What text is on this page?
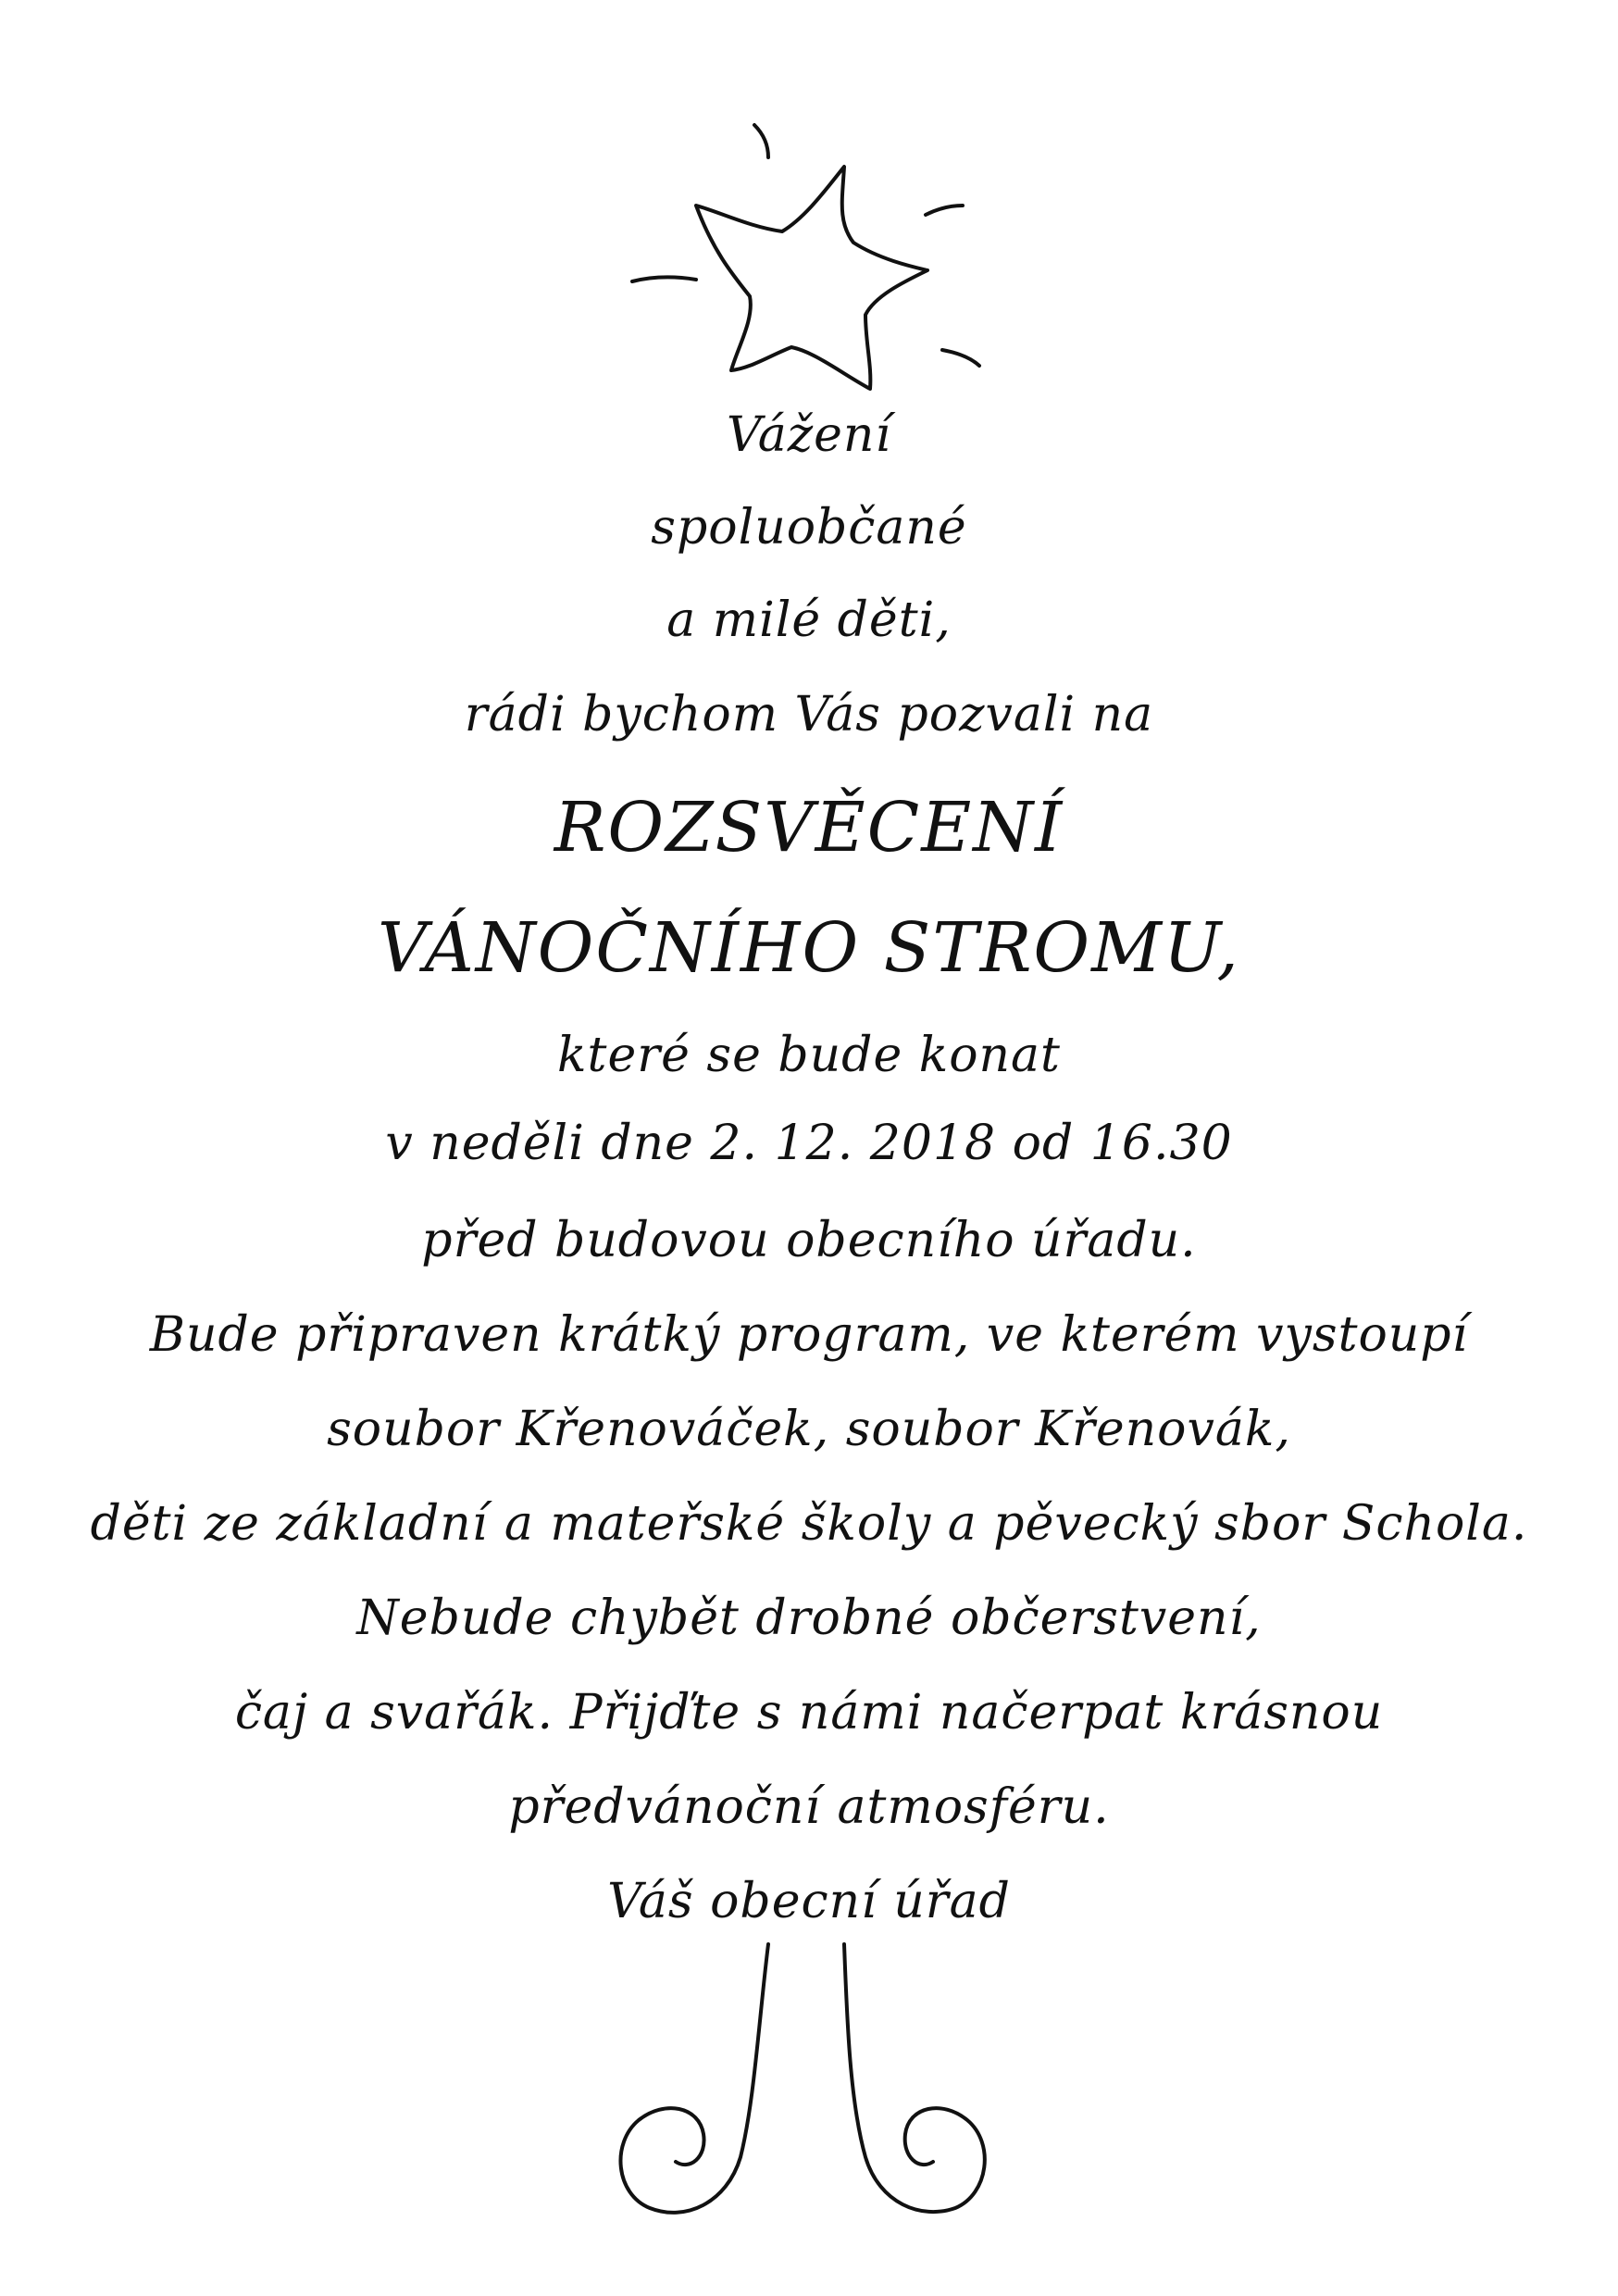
Vážení
spoluobčané
a milé děti,
rádi bychom Vás pozvali na
ROZSVĚCENÍ
VÁNOČNÍHO STROMU,
které se bude konat
v neděli dne 2. 12. 2018 od 16.30
před budovou obecního úřadu.
Bude připraven krátký program, ve kterém vystoupí
soubor Křenováček, soubor Křenovák,
děti ze základní a mateřské školy a pěvecký sbor Schola.
Nebude chybět drobné občerstvení,
čaj a svařák. Přijďte s námi načerpat krásnou
předvánoční atmosféru.
Váš obecní úřad
